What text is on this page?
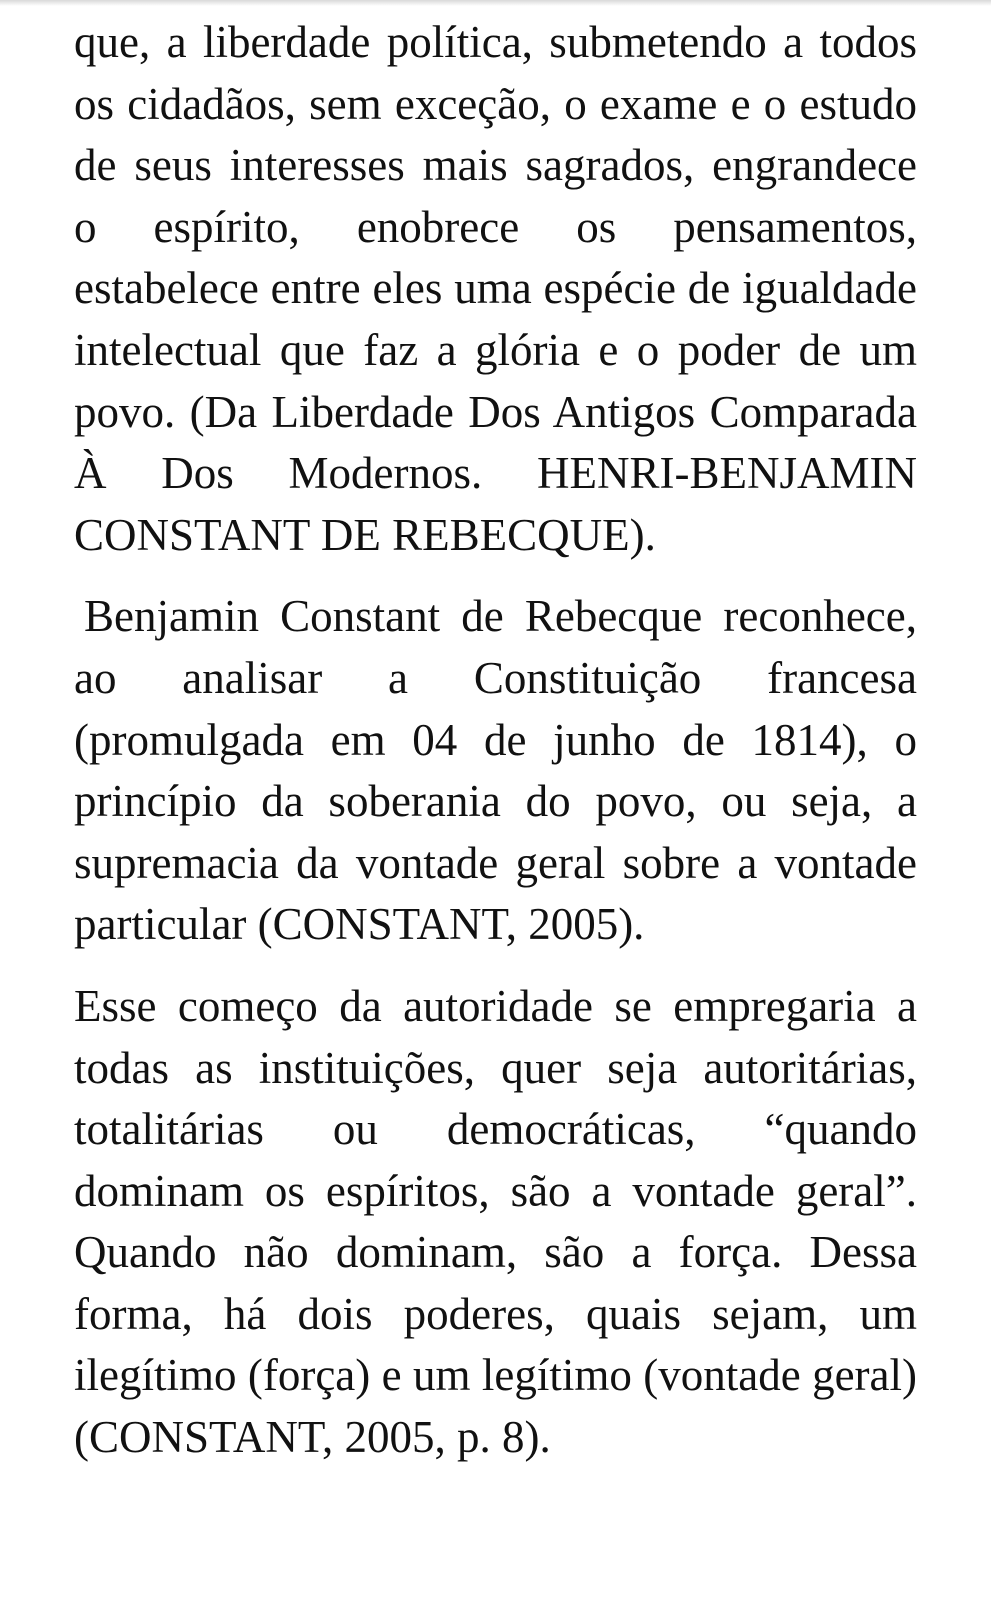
que, a liberdade política, submetendo a todos os cidadãos, sem exceção, o exame e o estudo de seus interesses mais sagrados, engrandece o espírito, enobrece os pensamentos, estabelece entre eles uma espécie de igualdade intelectual que faz a glória e o poder de um povo. (Da Liberdade Dos Antigos Comparada À Dos Modernos. HENRI-BENJAMIN CONSTANT DE REBECQUE).

Benjamin Constant de Rebecque reconhece, ao analisar a Constituição francesa (promulgada em 04 de junho de 1814), o princípio da soberania do povo, ou seja, a supremacia da vontade geral sobre a vontade particular (CONSTANT, 2005).

Esse começo da autoridade se empregaria a todas as instituições, quer seja autoritárias, totalitárias ou democráticas, “quando dominam os espíritos, são a vontade geral”. Quando não dominam, são a força. Dessa forma, há dois poderes, quais sejam, um ilegítimo (força) e um legítimo (vontade geral) (CONSTANT, 2005, p. 8).
